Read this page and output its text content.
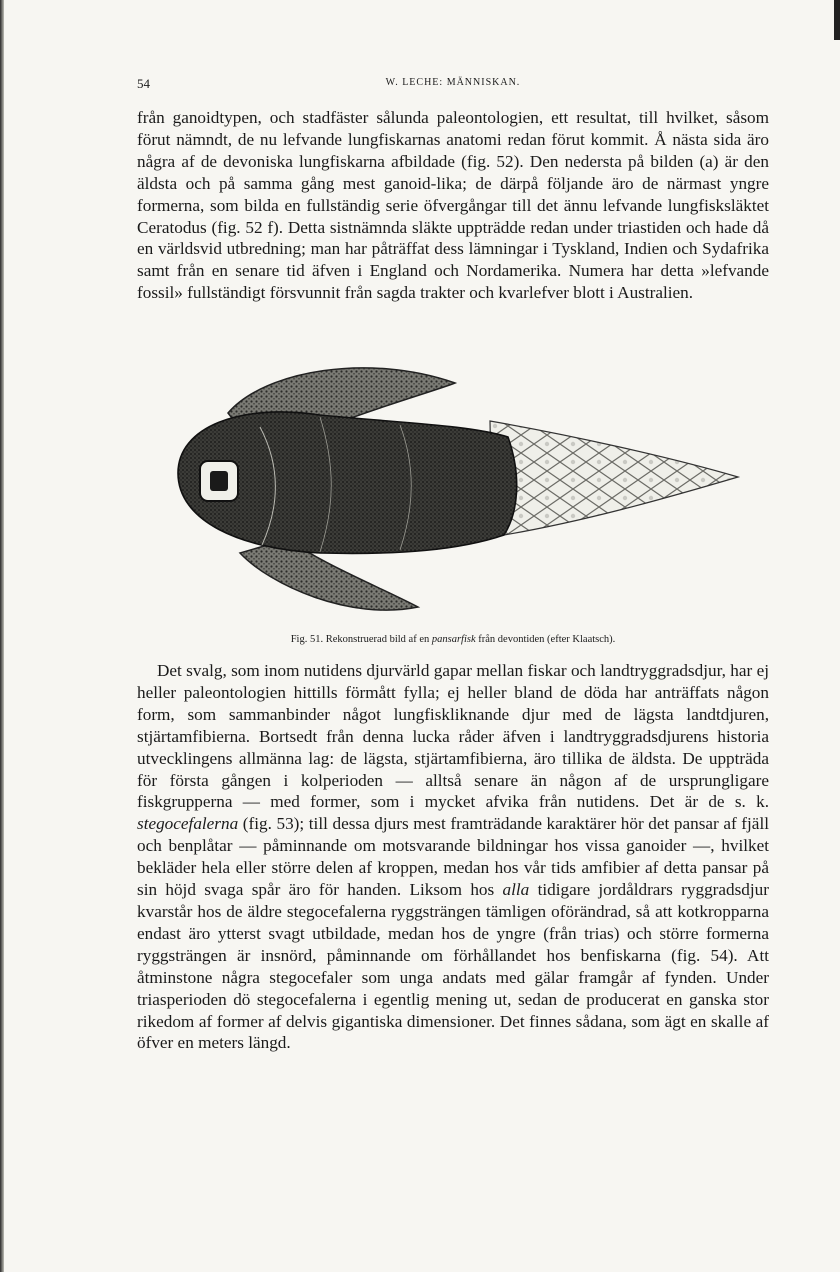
54	W. LECHE: MÄNNISKAN.

från ganoidtypen, och stadfäster sålunda paleontologien, ett resultat, till hvilket, såsom förut nämndt, de nu lefvande lungfiskarnas anatomi redan förut kommit. Å nästa sida äro några af de devoniska lungfiskarna afbildade (fig. 52). Den nedersta på bilden (a) är den äldsta och på samma gång mest ganoid-lika; de därpå följande äro de närmast yngre formerna, som bilda en fullständig serie öfvergångar till det ännu lefvande lungfisksläktet Ceratodus (fig. 52 f). Detta sistnämnda släkte uppträdde redan under triastiden och hade då en världsvid utbredning; man har påträffat dess lämningar i Tyskland, Indien och Sydafrika samt från en senare tid äfven i England och Nordamerika. Numera har detta »lefvande fossil» fullständigt försvunnit från sagda trakter och kvarlefver blott i Australien.

Fig. 51. Rekonstruerad bild af en pansarfisk från devontiden (efter Klaatsch).

Det svalg, som inom nutidens djurvärld gapar mellan fiskar och landtryggradsdjur, har ej heller paleontologien hittills förmått fylla; ej heller bland de döda har anträffats någon form, som sammanbinder något lungfiskliknande djur med de lägsta landtdjuren, stjärtamfibierna. Bortsedt från denna lucka råder äfven i landtryggradsdjurens historia utvecklingens allmänna lag: de lägsta, stjärtamfibierna, äro tillika de äldsta. De uppträda för första gången i kolperioden — alltså senare än någon af de ursprungligare fiskgrupperna — med former, som i mycket afvika från nutidens. Det är de s. k. stegocefalerna (fig. 53); till dessa djurs mest framträdande karaktärer hör det pansar af fjäll och benplåtar — påminnande om motsvarande bildningar hos vissa ganoider —, hvilket bekläder hela eller större delen af kroppen, medan hos vår tids amfibier af detta pansar på sin höjd svaga spår äro för handen. Liksom hos alla tidigare jordåldrars ryggradsdjur kvarstår hos de äldre stegocefalerna ryggsträngen tämligen oförändrad, så att kotkropparna endast äro ytterst svagt utbildade, medan hos de yngre (från trias) och större formerna ryggsträngen är insnörd, påminnande om förhållandet hos benfiskarna (fig. 54). Att åtminstone några stegocefaler som unga andats med gälar framgår af fynden. Under triasperioden dö stegocefalerna i egentlig mening ut, sedan de producerat en ganska stor rikedom af former af delvis gigantiska dimensioner. Det finnes sådana, som ägt en skalle af öfver en meters längd.
